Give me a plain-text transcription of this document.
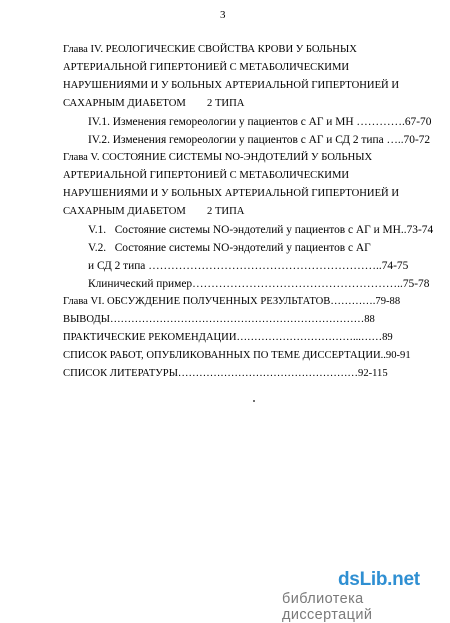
3
Глава IV. РЕОЛОГИЧЕСКИЕ СВОЙСТВА КРОВИ У БОЛЬНЫХ
АРТЕРИАЛЬНОЙ ГИПЕРТОНИЕЙ С МЕТАБОЛИЧЕСКИМИ
НАРУШЕНИЯМИ И У БОЛЬНЫХ АРТЕРИАЛЬНОЙ ГИПЕРТОНИЕЙ И
САХАРНЫМ ДИАБЕТОМ        2 ТИПА
IV.1. Изменения гемореологии у пациентов с АГ и МН ………….67-70
IV.2. Изменения гемореологии у пациентов с АГ и СД 2 типа …..70-72
Глава V. СОСТОЯНИЕ СИСТЕМЫ NO-ЭНДОТЕЛИЙ У БОЛЬНЫХ
АРТЕРИАЛЬНОЙ ГИПЕРТОНИЕЙ С МЕТАБОЛИЧЕСКИМИ
НАРУШЕНИЯМИ И У БОЛЬНЫХ АРТЕРИАЛЬНОЙ ГИПЕРТОНИЕЙ И
САХАРНЫМ ДИАБЕТОМ        2 ТИПА
V.1.   Состояние системы NO-эндотелий у пациентов с АГ и МН..73-74
V.2.   Состояние системы NO-эндотелий у пациентов с АГ
и СД 2 типа ……………………………………………………..74-75
Клинический пример………………………………………………..75-78
Глава VI. ОБСУЖДЕНИЕ ПОЛУЧЕННЫХ РЕЗУЛЬТАТОВ………….79-88
ВЫВОДЫ………………………………………………………………88
ПРАКТИЧЕСКИЕ РЕКОМЕНДАЦИИ……………………………...……89
СПИСОК РАБОТ, ОПУБЛИКОВАННЫХ ПО ТЕМЕ ДИССЕРТАЦИИ..90-91
СПИСОК ЛИТЕРАТУРЫ……………………………………………92-115
dsLib.net
библиотека диссертаций
